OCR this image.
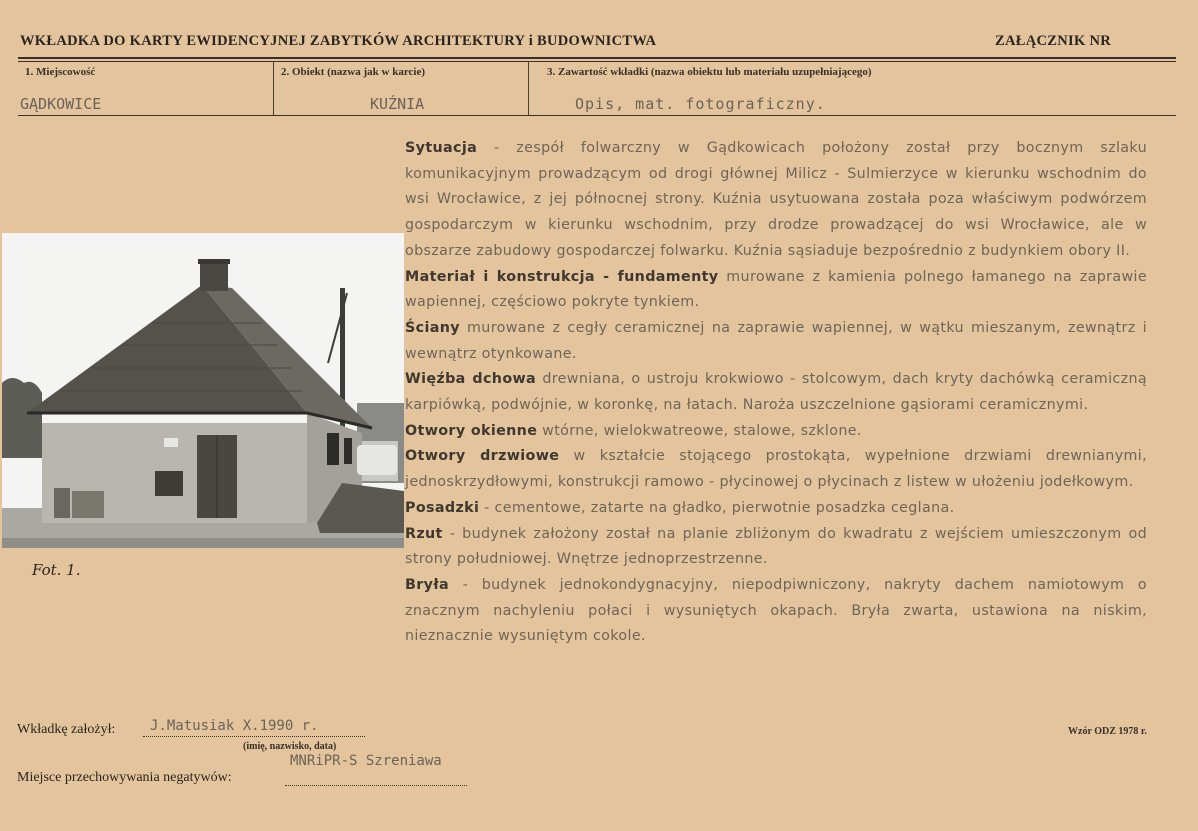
WKŁADKA DO KARTY EWIDENCYJNEJ ZABYTKÓW ARCHITEKTURY i BUDOWNICTWA	ZAŁĄCZNIK NR
1. Miejscowość
GĄDKOWICE
2. Obiekt (nazwa jak w karcie)
KUŹNIA
3. Zawartość wkładki (nazwa obiektu lub materiału uzupełniającego)
Opis, mat. fotograficzny.
Fot. 1.

Sytuacja - zespół folwarczny w Gądkowicach położony został przy bocznym szlaku komunikacyjnym prowadzącym od drogi głównej Milicz - Sulmierzyce w kierunku wschodnim do wsi Wrocławice, z jej północnej strony. Kuźnia usytuowana została poza właściwym podwórzem gospodarczym w kierunku wschodnim, przy drodze prowadzącej do wsi Wrocławice, ale w obszarze zabudowy gospodarczej folwarku. Kuźnia sąsiaduje bezpośrednio z budynkiem obory II.

Materiał i konstrukcja - fundamenty murowane z kamienia polnego łamanego na zaprawie wapiennej, częściowo pokryte tynkiem.

Ściany murowane z cegły ceramicznej na zaprawie wapiennej, w wątku mieszanym, zewnątrz i wewnątrz otynkowane.

Więźba dchowa drewniana, o ustroju krokwiowo - stolcowym, dach kryty dachówką ceramiczną karpiówką, podwójnie, w koronkę, na łatach. Naroża uszczelnione gąsiorami ceramicznymi.

Otwory okienne wtórne, wielokwatreowe, stalowe, szklone.

Otwory drzwiowe w kształcie stojącego prostokąta, wypełnione drzwiami drewnianymi, jednoskrzydłowymi, konstrukcji ramowo - płycinowej o płycinach z listew w ułożeniu jodełkowym.

Posadzki - cementowe, zatarte na gładko, pierwotnie posadzka ceglana.

Rzut - budynek założony został na planie zbliżonym do kwadratu z wejściem umieszczonym od strony południowej. Wnętrze jednoprzestrzenne.

Bryła - budynek jednokondygnacyjny, niepodpiwniczony, nakryty dachem namiotowym o znacznym nachyleniu połaci i wysuniętych okapach. Bryła zwarta, ustawiona na niskim, nieznacznie wysuniętym cokole.

Wkładkę założył: J.Matusiak X.1990 r.
(imię, nazwisko, data)
Miejsce przechowywania negatywów:
MNRiPR-S Szreniawa
Wzór ODZ 1978 r.
